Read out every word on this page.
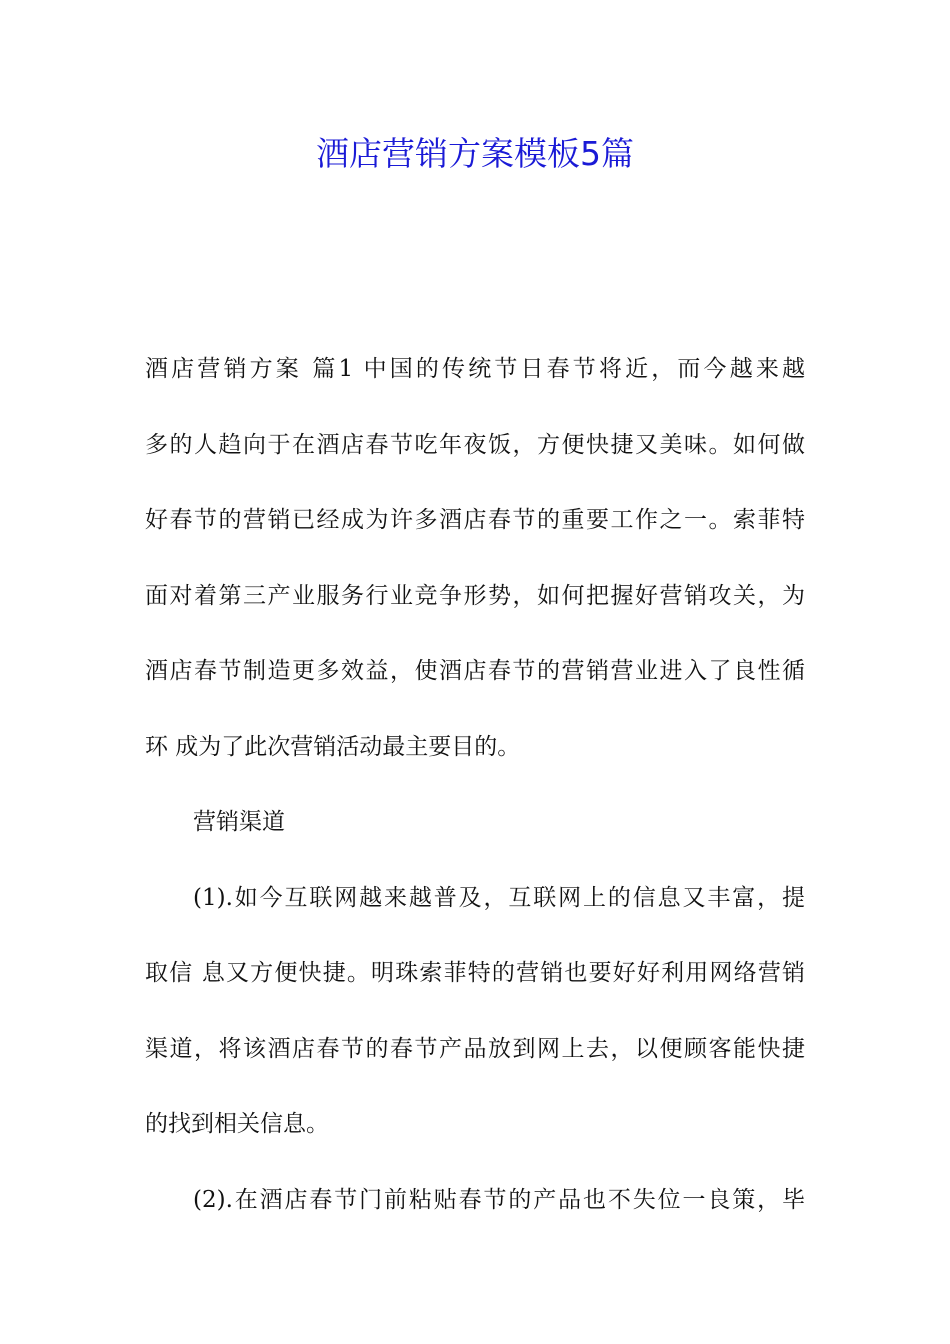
酒店营销方案模板5篇
酒店营销方案 篇1 中国的传统节日春节将近，而今越来越
多的人趋向于在酒店春节吃年夜饭，方便快捷又美味。如何做
好春节的营销已经成为许多酒店春节的重要工作之一。索菲特
面对着第三产业服务行业竞争形势，如何把握好营销攻关，为
酒店春节制造更多效益，使酒店春节的营销营业进入了良性循
环 成为了此次营销活动最主要目的。
营销渠道
(1).如今互联网越来越普及，互联网上的信息又丰富，提
取信 息又方便快捷。明珠索菲特的营销也要好好利用网络营销
渠道，将该酒店春节的春节产品放到网上去，以便顾客能快捷
的找到相关信息。
(2).在酒店春节门前粘贴春节的产品也不失位一良策，毕
